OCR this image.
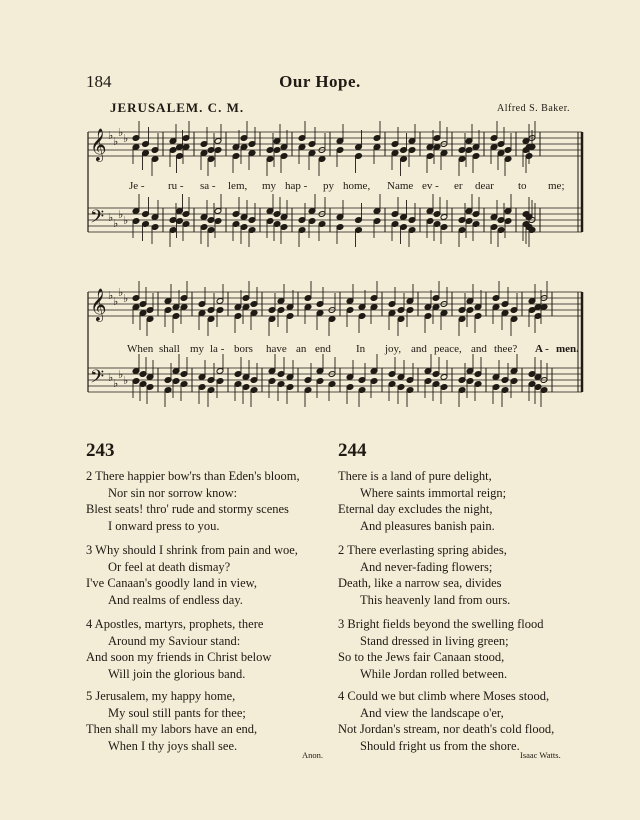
184	Our Hope.
JERUSALEM. C. M.	Alfred S. Baker.
𝄞
𝄢
♭ ♭
♭ ♭
♭ ♭
♭ ♭
𝄞
𝄢
♭ ♭
♭ ♭
♭ ♭
♭ ♭
Je - ru - sa - lem, my hap - py home, Name ev - er dear to me;
When shall my la - bors have an end In joy, and peace, and thee? A - men.
243
2 There happier bow'rs than Eden's bloom,
Nor sin nor sorrow know:
Blest seats! thro' rude and stormy scenes
I onward press to you.
3 Why should I shrink from pain and woe,
Or feel at death dismay?
I've Canaan's goodly land in view,
And realms of endless day.
4 Apostles, martyrs, prophets, there
Around my Saviour stand:
And soon my friends in Christ below
Will join the glorious band.
5 Jerusalem, my happy home,
My soul still pants for thee;
Then shall my labors have an end,
When I thy joys shall see.
Anon.
244
There is a land of pure delight,
Where saints immortal reign;
Eternal day excludes the night,
And pleasures banish pain.
2 There everlasting spring abides,
And never-fading flowers;
Death, like a narrow sea, divides
This heavenly land from ours.
3 Bright fields beyond the swelling flood
Stand dressed in living green;
So to the Jews fair Canaan stood,
While Jordan rolled between.
4 Could we but climb where Moses stood,
And view the landscape o'er,
Not Jordan's stream, nor death's cold flood,
Should fright us from the shore.
Isaac Watts.
